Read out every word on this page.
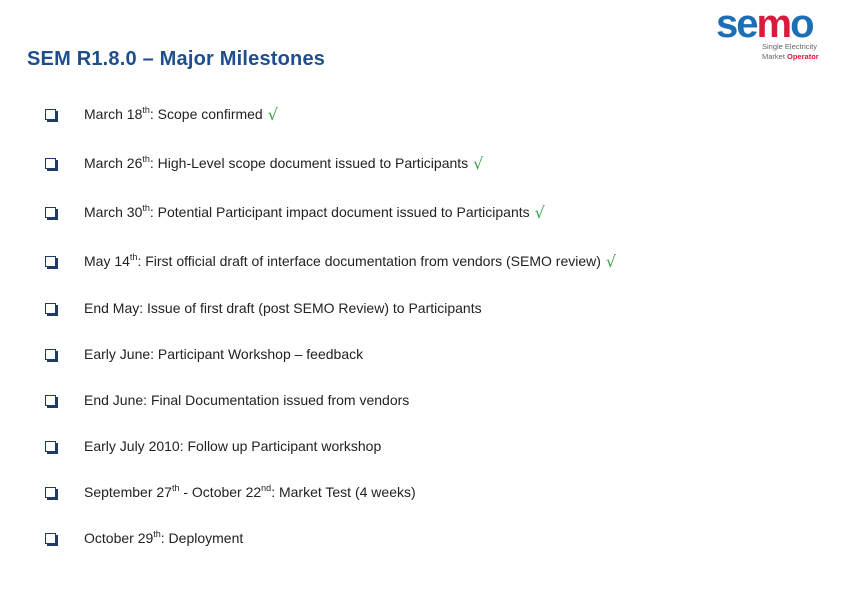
SEM R1.8.0 – Major Milestones
semo
Single Electricity
Market Operator
March 18th: Scope confirmed √
March 26th: High-Level scope document issued to Participants √
March 30th: Potential Participant impact document issued to Participants √
May 14th: First official draft of interface documentation from vendors (SEMO review) √
End May: Issue of first draft (post SEMO Review) to Participants
Early June: Participant Workshop – feedback
End June: Final Documentation issued from vendors
Early July 2010: Follow up Participant workshop
September 27th - October 22nd: Market Test (4 weeks)
October 29th: Deployment
